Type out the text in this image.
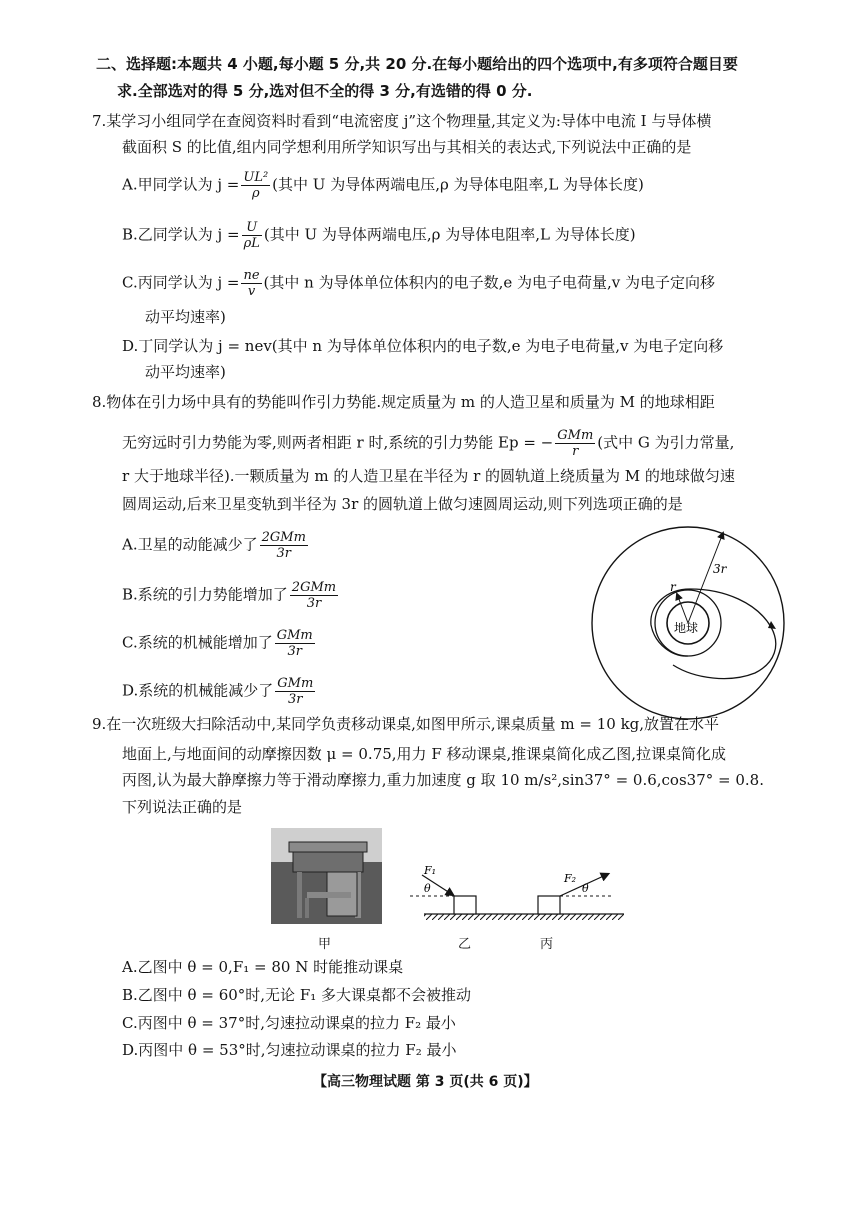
二、选择题:本题共 4 小题,每小题 5 分,共 20 分.在每小题给出的四个选项中,有多项符合题目要
求.全部选对的得 5 分,选对但不全的得 3 分,有选错的得 0 分.
7.某学习小组同学在查阅资料时看到“电流密度 j”这个物理量,其定义为:导体中电流 I 与导体横
截面积 S 的比值,组内同学想利用所学知识写出与其相关的表达式,下列说法中正确的是
A.甲同学认为 $j = \frac{\text{UL²}}{\rho}$ (其中 U 为导体两端电压,ρ 为导体电阻率,L 为导体长度)
B.乙同学认为 $j = \frac{U}{\rho L}$ (其中 U 为导体两端电压,ρ 为导体电阻率,L 为导体长度)
C.丙同学认为 $j = \frac{ne}{v}$ (其中 n 为导体单位体积内的电子数,e 为电子电荷量,v 为电子定向移
动平均速率)
D.丁同学认为 j = nev(其中 n 为导体单位体积内的电子数,e 为电子电荷量,v 为电子定向移
动平均速率)
8.物体在引力场中具有的势能叫作引力势能.规定质量为 m 的人造卫星和质量为 M 的地球相距
无穷远时引力势能为零,则两者相距 r 时,系统的引力势能 Ep = − $\frac{\text{GMm}}{r}$ (式中 G 为引力常量,
r 大于地球半径).一颗质量为 m 的人造卫星在半径为 r 的圆轨道上绕质量为 M 的地球做匀速
圆周运动,后来卫星变轨到半径为 3r 的圆轨道上做匀速圆周运动,则下列选项正确的是
A.卫星的动能减少了 $\frac{\text{2GMm}}{3r}$
B.系统的引力势能增加了 $\frac{\text{2GMm}}{3r}$
C.系统的机械能增加了 $\frac{\text{GMm}}{3r}$
D.系统的机械能减少了 $\frac{\text{GMm}}{3r}$
r
3r
地球
9.在一次班级大扫除活动中,某同学负责移动课桌,如图甲所示,课桌质量 m = 10 kg,放置在水平
地面上,与地面间的动摩擦因数 μ = 0.75,用力 F 移动课桌,推课桌简化成乙图,拉课桌简化成
丙图,认为最大静摩擦力等于滑动摩擦力,重力加速度 g 取 10 m/s²,sin37° = 0.6,cos37° = 0.8.
下列说法正确的是
甲
F₁
θ
F₂
θ
乙	丙
A.乙图中 θ = 0,F₁ = 80 N 时能推动课桌
B.乙图中 θ = 60°时,无论 F₁ 多大课桌都不会被推动
C.丙图中 θ = 37°时,匀速拉动课桌的拉力 F₂ 最小
D.丙图中 θ = 53°时,匀速拉动课桌的拉力 F₂ 最小
【高三物理试题 第 3 页(共 6 页)】
